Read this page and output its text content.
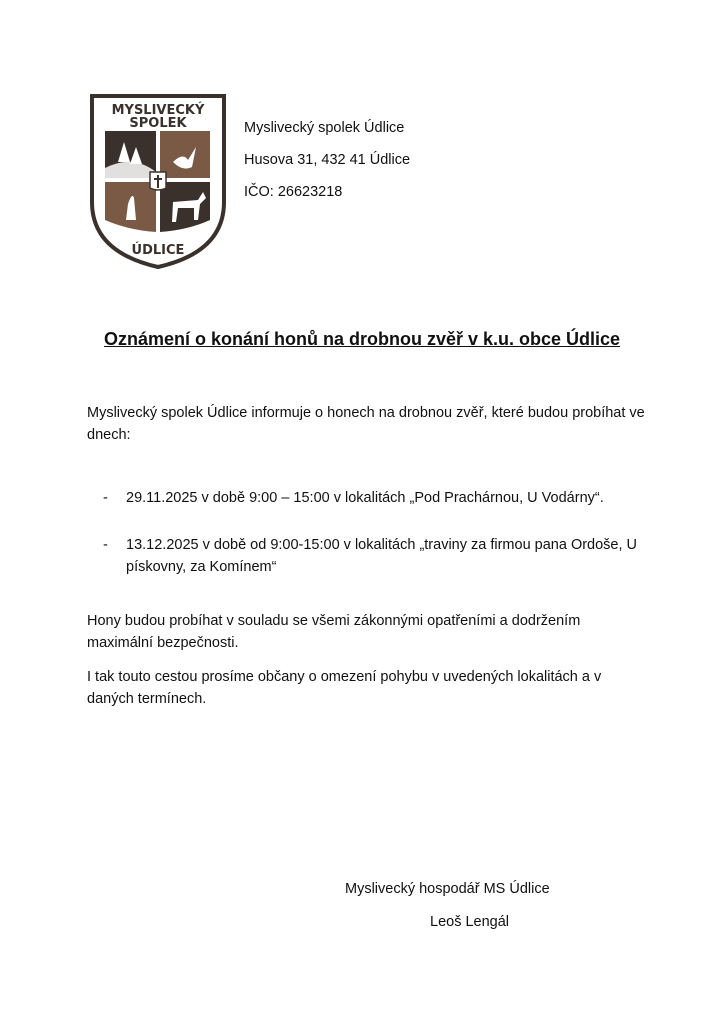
MYSLIVECKÝ
SPOLEK
ÚDLICE
Myslivecký spolek Údlice
Husova 31, 432 41 Údlice
IČO: 26623218
Oznámení o konání honů na drobnou zvěř v k.u. obce Údlice
Myslivecký spolek Údlice informuje o honech na drobnou zvěř, které budou probíhat ve dnech:
-	29.11.2025 v době 9:00 – 15:00 v lokalitách „Pod Prachárnou, U Vodárny“.
-	13.12.2025 v době od 9:00-15:00 v lokalitách „traviny za firmou pana Ordoše, U pískovny, za Komínem“
Hony budou probíhat v souladu se všemi zákonnými opatřeními a dodržením maximální bezpečnosti.
I tak touto cestou prosíme občany o omezení pohybu v uvedených lokalitách a v daných termínech.
Myslivecký hospodář MS Údlice
Leoš Lengál
